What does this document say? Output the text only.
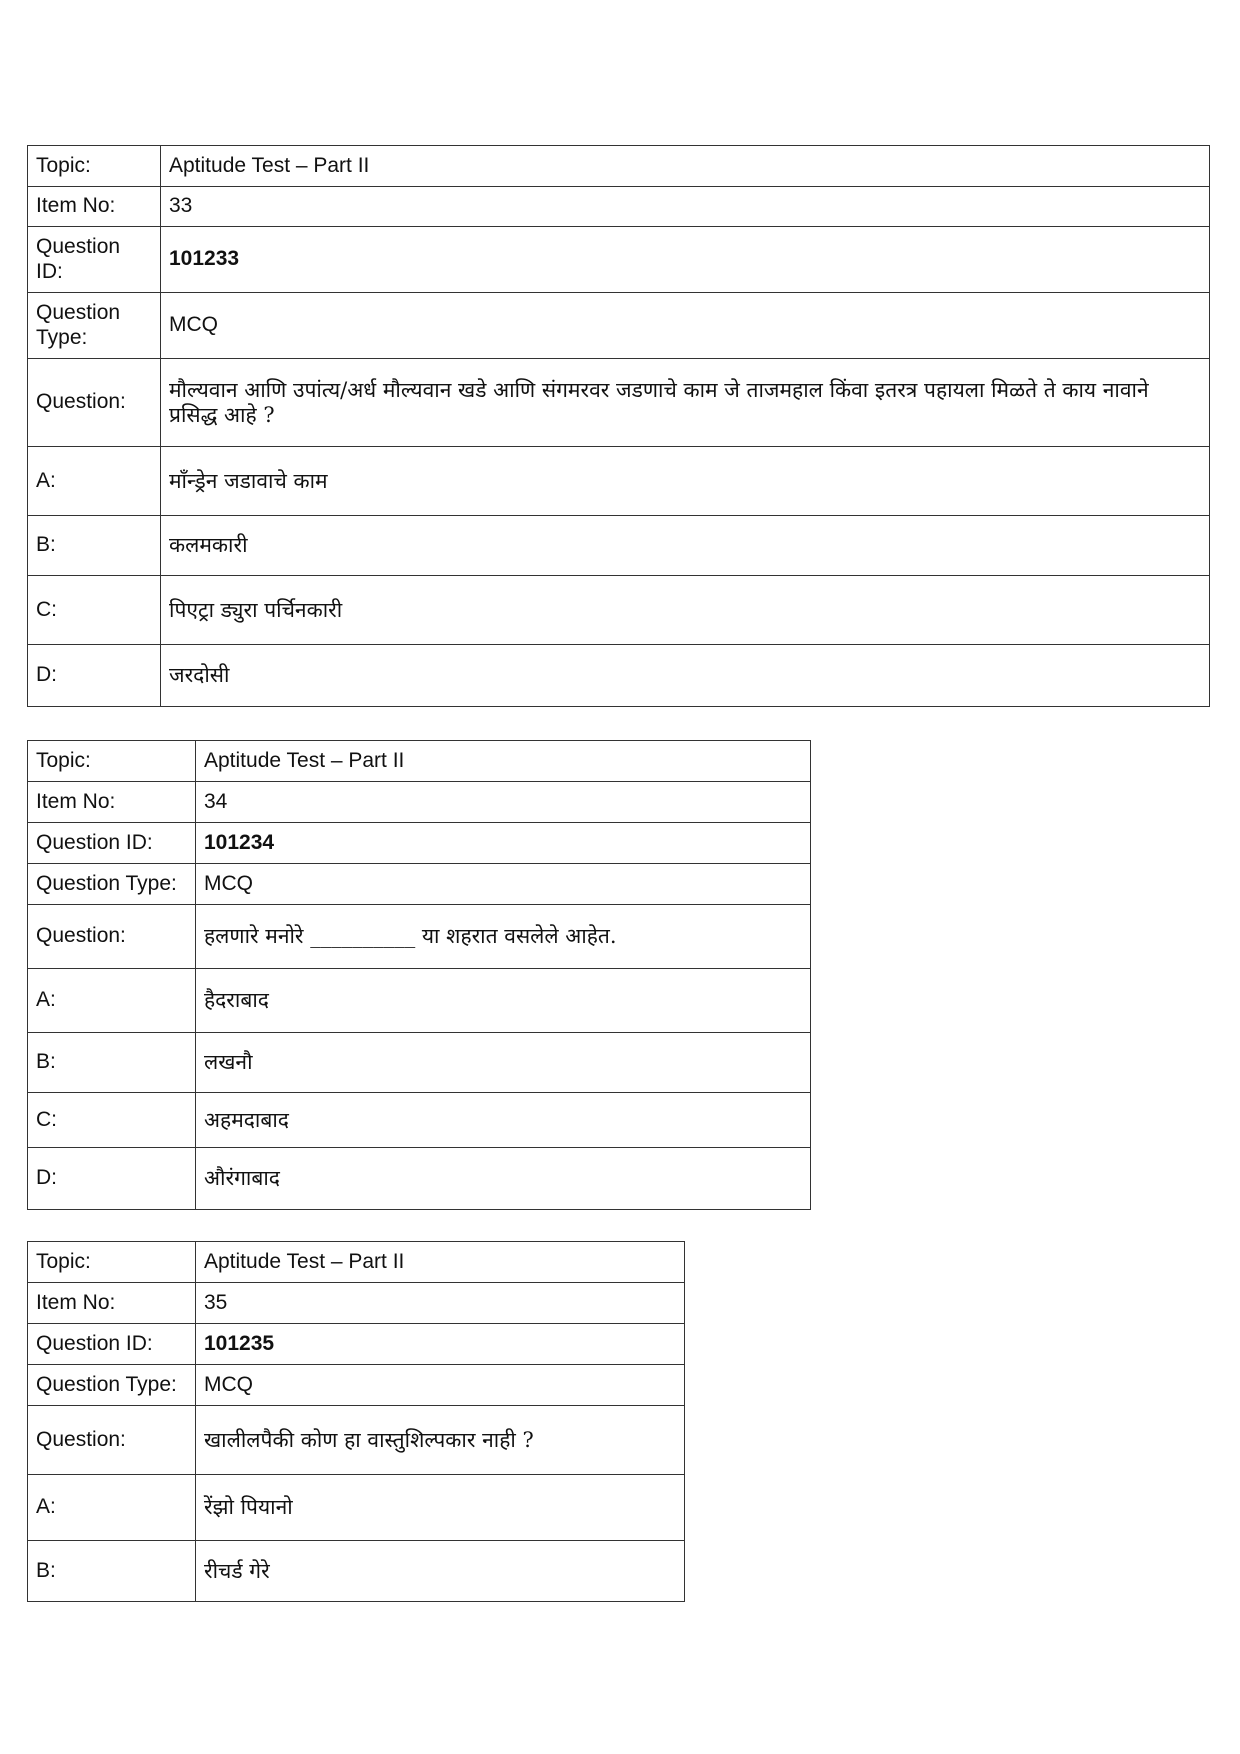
Topic:	Aptitude Test – Part II
Item No:	33
Question ID:	101233
Question Type:	MCQ
Question:	मौल्यवान आणि उपांत्य/अर्ध मौल्यवान खडे आणि संगमरवर जडणाचे काम जे ताजमहाल किंवा इतरत्र पहायला मिळते ते काय नावाने प्रसिद्ध आहे ?
A:	माँन्ड्रेन जडावाचे काम
B:	कलमकारी
C:	पिएट्रा ड्युरा पर्चिनकारी
D:	जरदोसी
Topic:	Aptitude Test – Part II
Item No:	34
Question ID:	101234
Question Type:	MCQ
Question:	हलणारे मनोरे __________ या शहरात वसलेले आहेत.
A:	हैदराबाद
B:	लखनौ
C:	अहमदाबाद
D:	औरंगाबाद
Topic:	Aptitude Test – Part II
Item No:	35
Question ID:	101235
Question Type:	MCQ
Question:	खालीलपैकी कोण हा वास्तुशिल्पकार नाही ?
A:	रेंझो पियानो
B:	रीचर्ड गेरे
